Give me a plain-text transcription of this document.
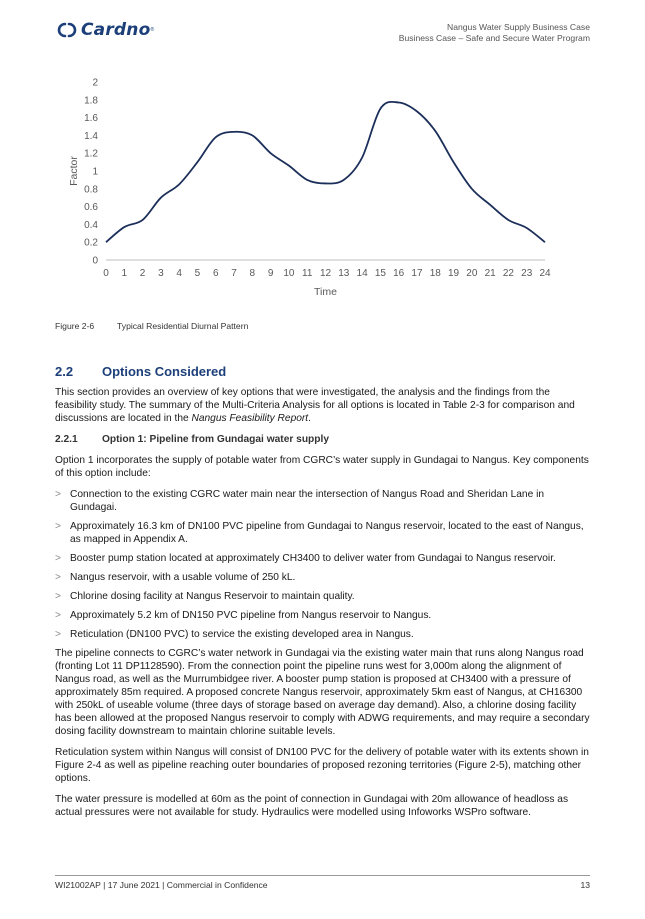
Cardno ®	Nangus Water Supply Business Case
Business Case – Safe and Secure Water Program
0
0.2
0.4
0.6
0.8
1
1.2
1.4
1.6
1.8
2
0 1 2 3 4 5 6 7 8 9 10 11 12 13 14 15 16 17 18 19 20 21 22 23 24
Time
Factor
Figure 2-6	Typical Residential Diurnal Pattern
2.2 Options Considered

This section provides an overview of key options that were investigated, the analysis and the findings from the feasibility study. The summary of the Multi-Criteria Analysis for all options is located in Table 2-3 for comparison and discussions are located in the Nangus Feasibility Report.

2.2.1 Option 1: Pipeline from Gundagai water supply

Option 1 incorporates the supply of potable water from CGRC’s water supply in Gundagai to Nangus. Key components of this option include:

> Connection to the existing CGRC water main near the intersection of Nangus Road and Sheridan Lane in Gundagai.
> Approximately 16.3 km of DN100 PVC pipeline from Gundagai to Nangus reservoir, located to the east of Nangus, as mapped in Appendix A.
> Booster pump station located at approximately CH3400 to deliver water from Gundagai to Nangus reservoir.
> Nangus reservoir, with a usable volume of 250 kL.
> Chlorine dosing facility at Nangus Reservoir to maintain quality.
> Approximately 5.2 km of DN150 PVC pipeline from Nangus reservoir to Nangus.
> Reticulation (DN100 PVC) to service the existing developed area in Nangus.

The pipeline connects to CGRC’s water network in Gundagai via the existing water main that runs along Nangus road (fronting Lot 11 DP1128590). From the connection point the pipeline runs west for 3,000m along the alignment of Nangus road, as well as the Murrumbidgee river. A booster pump station is proposed at CH3400 with a pressure of approximately 85m required. A proposed concrete Nangus reservoir, approximately 5km east of Nangus, at CH16300 with 250kL of useable volume (three days of storage based on average day demand). Also, a chlorine dosing facility has been allowed at the proposed Nangus reservoir to comply with ADWG requirements, and may require a secondary dosing facility downstream to maintain chlorine suitable levels.

Reticulation system within Nangus will consist of DN100 PVC for the delivery of potable water with its extents shown in Figure 2-4 as well as pipeline reaching outer boundaries of proposed rezoning territories (Figure 2-5), matching other options.

The water pressure is modelled at 60m as the point of connection in Gundagai with 20m allowance of headloss as actual pressures were not available for study. Hydraulics were modelled using Infoworks WSPro software.

WI21002AP | 17 June 2021 | Commercial in Confidence	13
